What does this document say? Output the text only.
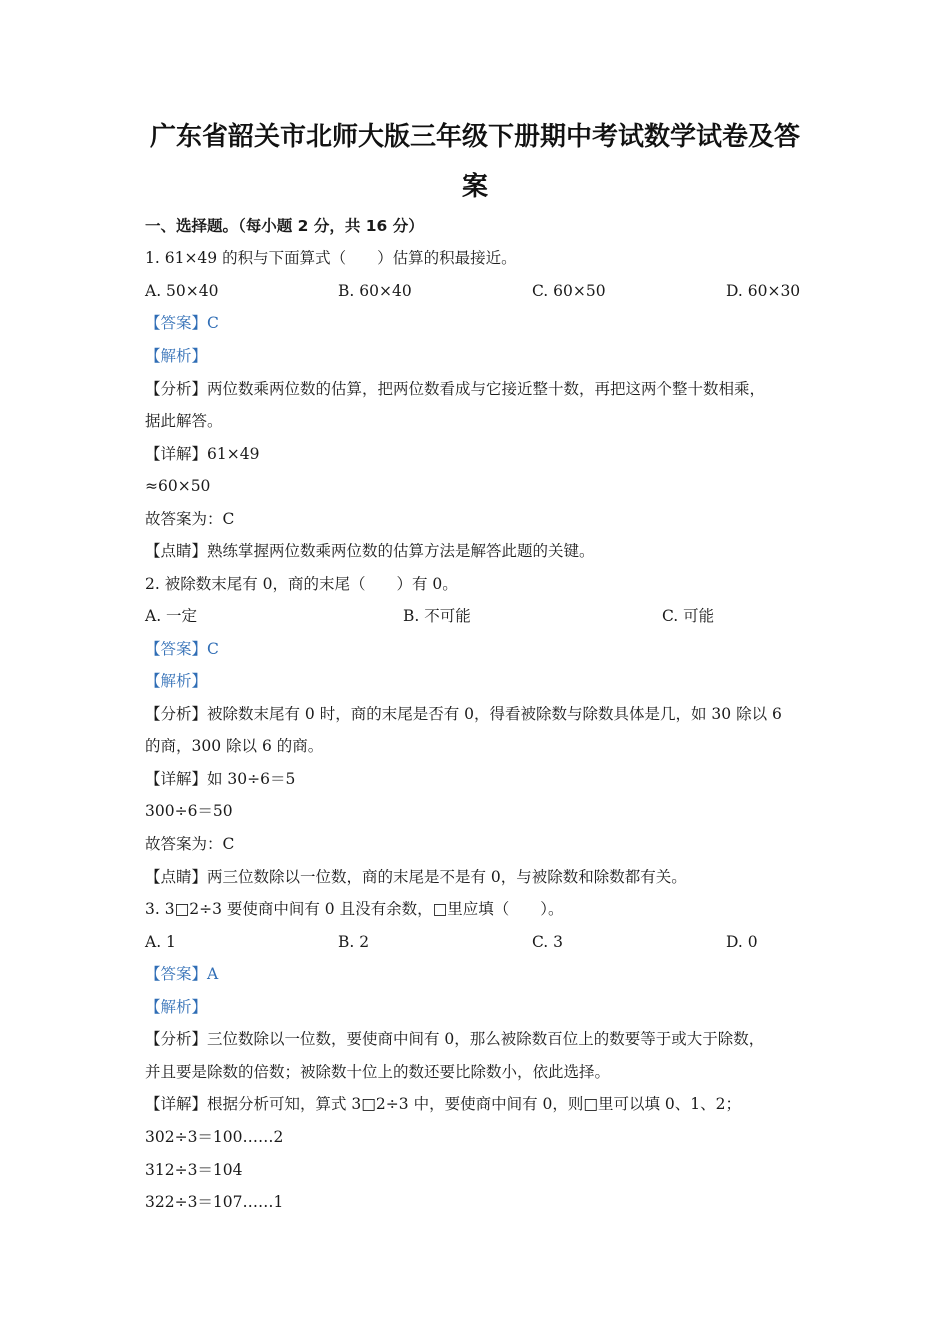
广东省韶关市北师大版三年级下册期中考试数学试卷及答
案
一、选择题。（每小题 2 分，共 16 分）
1. 61×49 的积与下面算式（　　）估算的积最接近。
A. 50×40	B. 60×40	C. 60×50	D. 60×30
【答案】C
【解析】
【分析】两位数乘两位数的估算，把两位数看成与它接近整十数，再把这两个整十数相乘，
据此解答。
【详解】61×49
≈60×50
故答案为：C
【点睛】熟练掌握两位数乘两位数的估算方法是解答此题的关键。
2. 被除数末尾有 0，商的末尾（　　）有 0。
A. 一定	B. 不可能	C. 可能
【答案】C
【解析】
【分析】被除数末尾有 0 时，商的末尾是否有 0，得看被除数与除数具体是几，如 30 除以 6
的商，300 除以 6 的商。
【详解】如 30÷6＝5
300÷6＝50
故答案为：C
【点睛】两三位数除以一位数，商的末尾是不是有 0，与被除数和除数都有关。
3. 3□2÷3 要使商中间有 0 且没有余数，□里应填（　　）。
A. 1	B. 2	C. 3	D. 0
【答案】A
【解析】
【分析】三位数除以一位数，要使商中间有 0，那么被除数百位上的数要等于或大于除数，
并且要是除数的倍数；被除数十位上的数还要比除数小，依此选择。
【详解】根据分析可知，算式 3□2÷3 中，要使商中间有 0，则□里可以填 0、1、2；
302÷3＝100……2
312÷3＝104
322÷3＝107……1
